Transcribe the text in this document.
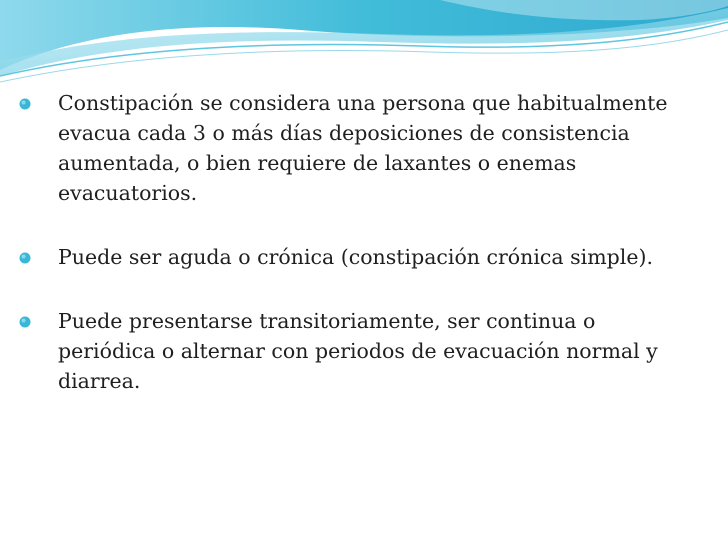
Constipación se considera una persona que habitualmente evacua cada 3 o más días deposiciones de consistencia aumentada, o bien requiere de laxantes o enemas evacuatorios.
Puede ser aguda o crónica (constipación crónica simple).
Puede presentarse transitoriamente, ser continua o periódica o alternar con periodos de evacuación normal y diarrea.
